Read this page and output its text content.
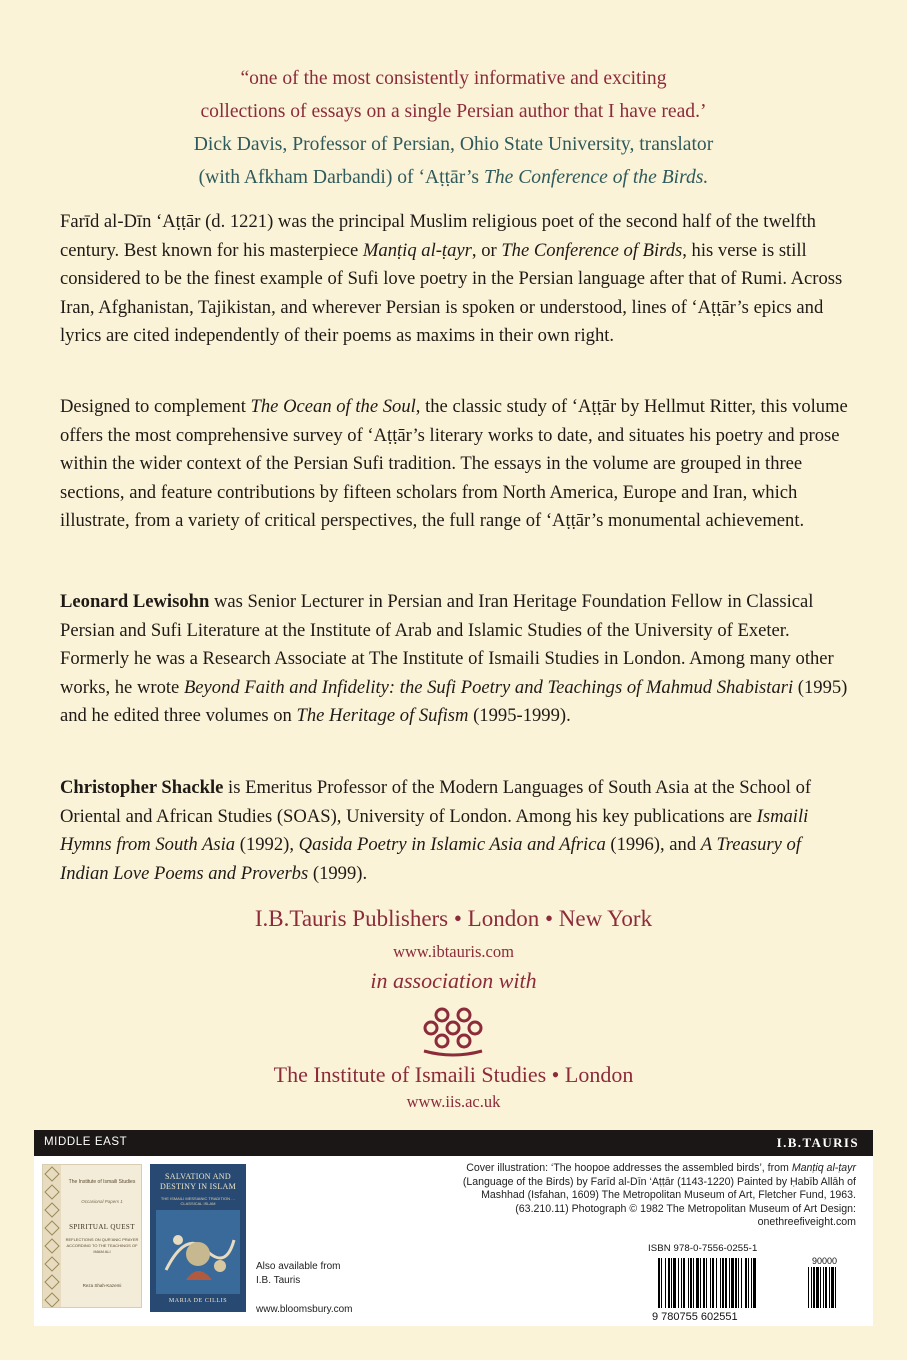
“one of the most consistently informative and exciting
collections of essays on a single Persian author that I have read.’
Dick Davis, Professor of Persian, Ohio State University, translator
(with Afkham Darbandi) of ‘Aṭṭār’s The Conference of the Birds.

Farīd al-Dīn ‘Aṭṭār (d. 1221) was the principal Muslim religious poet of the second half of the twelfth century. Best known for his masterpiece Manṭiq al-ṭayr, or The Conference of Birds, his verse is still considered to be the finest example of Sufi love poetry in the Persian language after that of Rumi. Across Iran, Afghanistan, Tajikistan, and wherever Persian is spoken or understood, lines of ‘Aṭṭār’s epics and lyrics are cited independently of their poems as maxims in their own right.

Designed to complement The Ocean of the Soul, the classic study of ‘Aṭṭār by Hellmut Ritter, this volume offers the most comprehensive survey of ‘Aṭṭār’s literary works to date, and situates his poetry and prose within the wider context of the Persian Sufi tradition. The essays in the volume are grouped in three sections, and feature contributions by fifteen scholars from North America, Europe and Iran, which illustrate, from a variety of critical perspectives, the full range of ‘Aṭṭār’s monumental achievement.

Leonard Lewisohn was Senior Lecturer in Persian and Iran Heritage Foundation Fellow in Classical Persian and Sufi Literature at the Institute of Arab and Islamic Studies of the University of Exeter. Formerly he was a Research Associate at The Institute of Ismaili Studies in London. Among many other works, he wrote Beyond Faith and Infidelity: the Sufi Poetry and Teachings of Mahmud Shabistari (1995) and he edited three volumes on The Heritage of Sufism (1995-1999).

Christopher Shackle is Emeritus Professor of the Modern Languages of South Asia at the School of Oriental and African Studies (SOAS), University of London. Among his key publications are Ismaili Hymns from South Asia (1992), Qasida Poetry in Islamic Asia and Africa (1996), and A Treasury of Indian Love Poems and Proverbs (1999).

I.B.Tauris Publishers • London • New York
www.ibtauris.com
in association with
The Institute of Ismaili Studies • London
www.iis.ac.uk
MIDDLE EAST	I.B.TAURIS
The Institute of Ismaili Studies
Occasional Papers 1
SPIRITUAL QUEST
REFLECTIONS ON QUR’ANIC PRAYER ACCORDING TO THE TEACHINGS OF IMAM ALI
Reza Shah-Kazemi
SALVATION AND DESTINY IN ISLAM
THE ISMAILI MESSIANIC TRADITION … CLASSICAL ISLAM
MARIA DE CILLIS
Also available from
I.B. Tauris
www.bloomsbury.com

Cover illustration: ‘The hoopoe addresses the assembled birds’, from Manṭiq al-ṭayr (Language of the Birds) by Farīd al-Dīn ‘Aṭṭār (1143-1220) Painted by Ḥabīb Allāh of Mashhad (Isfahan, 1609) The Metropolitan Museum of Art, Fletcher Fund, 1963. (63.210.11) Photograph © 1982 The Metropolitan Museum of Art Design: onethreefiveight.com

ISBN 978-0-7556-0255-1
9 780755 602551
90000
